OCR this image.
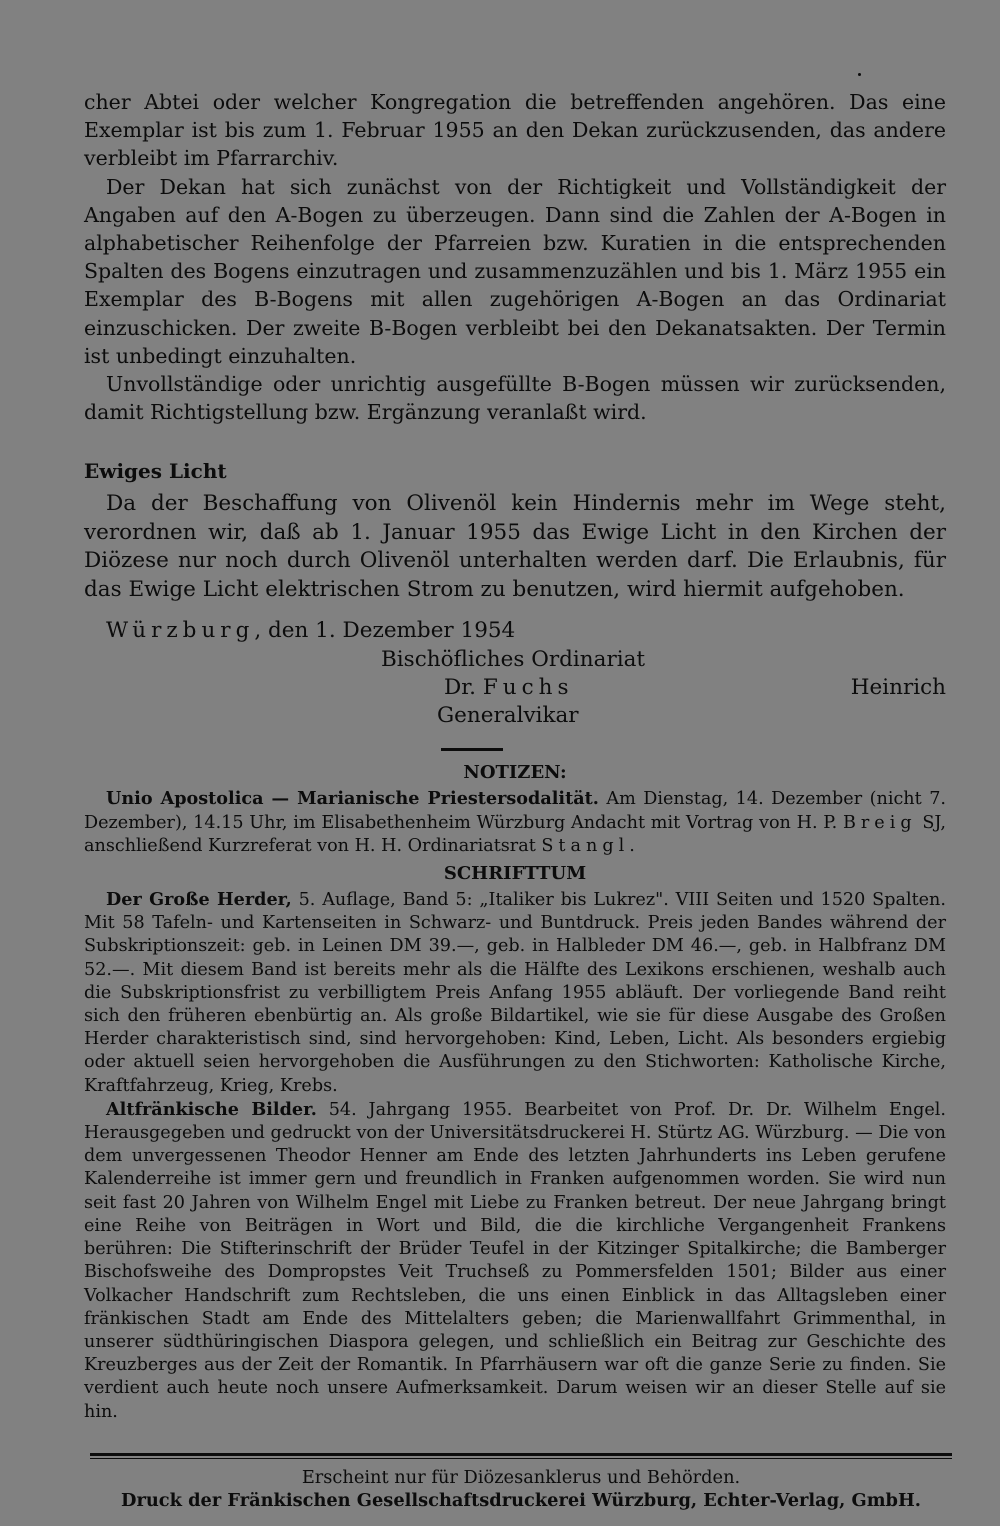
cher Abtei oder welcher Kongregation die betreffenden angehören. Das eine Exemplar ist bis zum 1. Februar 1955 an den Dekan zurückzusenden, das andere verbleibt im Pfarrarchiv.

Der Dekan hat sich zunächst von der Richtigkeit und Vollständigkeit der Angaben auf den A-Bogen zu überzeugen. Dann sind die Zahlen der A-Bogen in alphabetischer Reihenfolge der Pfarreien bzw. Kuratien in die entsprechenden Spalten des Bogens einzutragen und zusammenzuzählen und bis 1. März 1955 ein Exemplar des B-Bogens mit allen zugehörigen A-Bogen an das Ordinariat einzuschicken. Der zweite B-Bogen verbleibt bei den Dekanatsakten. Der Termin ist unbedingt einzuhalten.

Unvollständige oder unrichtig ausgefüllte B-Bogen müssen wir zurücksenden, damit Richtigstellung bzw. Ergänzung veranlaßt wird.

Ewiges Licht

Da der Beschaffung von Olivenöl kein Hindernis mehr im Wege steht, verordnen wir, daß ab 1. Januar 1955 das Ewige Licht in den Kirchen der Diözese nur noch durch Olivenöl unterhalten werden darf. Die Erlaubnis, für das Ewige Licht elektrischen Strom zu benutzen, wird hiermit aufgehoben.

Würzburg, den 1. Dezember 1954
Bischöfliches Ordinariat
Dr. Fuchs	Heinrich
Generalvikar
NOTIZEN:

Unio Apostolica — Marianische Priestersodalität. Am Dienstag, 14. Dezember (nicht 7. Dezember), 14.15 Uhr, im Elisabethenheim Würzburg Andacht mit Vortrag von H. P. Breig SJ, anschließend Kurzreferat von H. H. Ordinariatsrat Stangl.

SCHRIFTTUM

Der Große Herder, 5. Auflage, Band 5: „Italiker bis Lukrez". VIII Seiten und 1520 Spalten. Mit 58 Tafeln- und Kartenseiten in Schwarz- und Buntdruck. Preis jeden Bandes während der Subskriptionszeit: geb. in Leinen DM 39.—, geb. in Halbleder DM 46.—, geb. in Halbfranz DM 52.—. Mit diesem Band ist bereits mehr als die Hälfte des Lexikons erschienen, weshalb auch die Subskriptionsfrist zu verbilligtem Preis Anfang 1955 abläuft. Der vorliegende Band reiht sich den früheren ebenbürtig an. Als große Bildartikel, wie sie für diese Ausgabe des Großen Herder charakteristisch sind, sind hervorgehoben: Kind, Leben, Licht. Als besonders ergiebig oder aktuell seien hervorgehoben die Ausführungen zu den Stichworten: Katholische Kirche, Kraftfahrzeug, Krieg, Krebs.

Altfränkische Bilder. 54. Jahrgang 1955. Bearbeitet von Prof. Dr. Dr. Wilhelm Engel. Herausgegeben und gedruckt von der Universitätsdruckerei H. Stürtz AG. Würzburg. — Die von dem unvergessenen Theodor Henner am Ende des letzten Jahrhunderts ins Leben gerufene Kalenderreihe ist immer gern und freundlich in Franken aufgenommen worden. Sie wird nun seit fast 20 Jahren von Wilhelm Engel mit Liebe zu Franken betreut. Der neue Jahrgang bringt eine Reihe von Beiträgen in Wort und Bild, die die kirchliche Vergangenheit Frankens berühren: Die Stifterinschrift der Brüder Teufel in der Kitzinger Spitalkirche; die Bamberger Bischofsweihe des Dompropstes Veit Truchseß zu Pommersfelden 1501; Bilder aus einer Volkacher Handschrift zum Rechtsleben, die uns einen Einblick in das Alltagsleben einer fränkischen Stadt am Ende des Mittelalters geben; die Marienwallfahrt Grimmenthal, in unserer südthüringischen Diaspora gelegen, und schließlich ein Beitrag zur Geschichte des Kreuzberges aus der Zeit der Romantik. In Pfarrhäusern war oft die ganze Serie zu finden. Sie verdient auch heute noch unsere Aufmerksamkeit. Darum weisen wir an dieser Stelle auf sie hin.

Erscheint nur für Diözesanklerus und Behörden.
Druck der Fränkischen Gesellschaftsdruckerei Würzburg, Echter-Verlag, GmbH.
